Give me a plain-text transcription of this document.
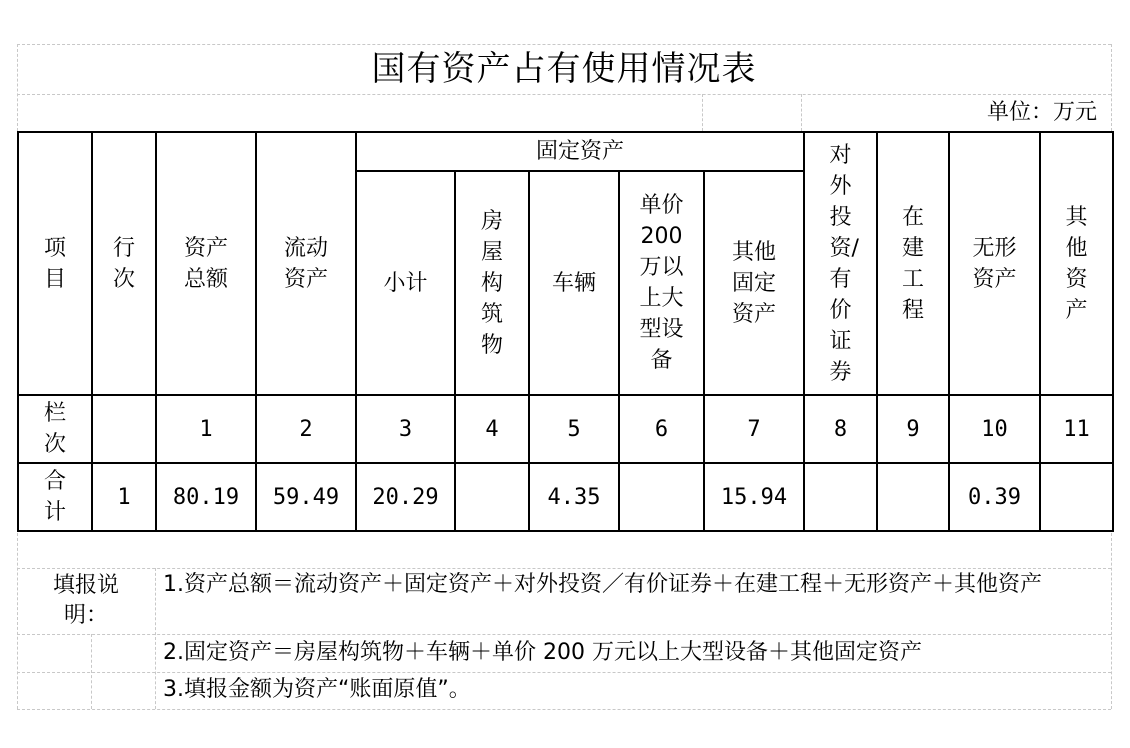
国有资产占有使用情况表
单位：万元
项目	行次	资产总额	流动资产	固定资产					对外投资/有价证券	在建工程	无形资产	其他资产

				小计	房屋构筑物	车辆	单价200万以上大型设备	其他固定资产				

栏次		1	2	3	4	5	6	7	8	9	10	11

合计	1	80.19	59.49	20.29		4.35		15.94			0.39	
填报说明：
1.资产总额＝流动资产＋固定资产＋对外投资／有价证券＋在建工程＋无形资产＋其他资产
2.固定资产＝房屋构筑物＋车辆＋单价 200 万元以上大型设备＋其他固定资产
3.填报金额为资产“账面原值”。
